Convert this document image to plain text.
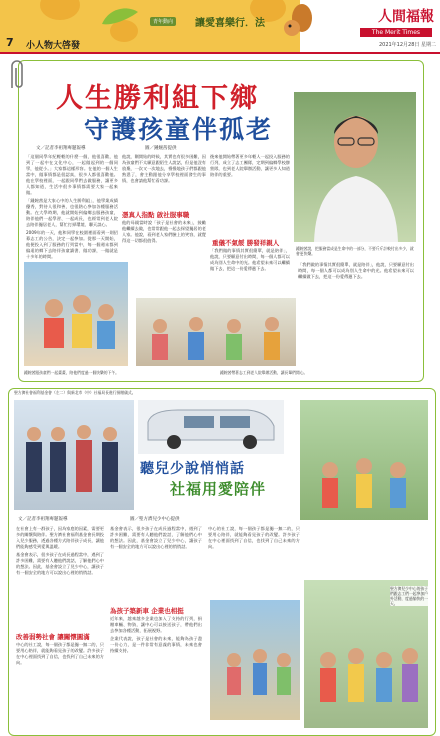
7 小人物大啓發
青年動向	讓愛喜樂行．法	人間福報
The Merit Times
2021年12月28日 星期二
人生勝利組下鄉
守護孩童伴孤老
鍾婉茜說，把服務當成是生命中的一部分，不要斤斤計較付出多少，就會更快樂。
文／記者李祖翔專題報導	圖／鍾婉茜提供

「這個同學年紀輕輕的什麼一個，他很喜歡，他到了一起中在文化中心，一起做起到的一個同學，他從小。」大家都這樣形容。在他的一個人生當中，做事情都是很認真，很多人都很喜歡他。他在學校裡面，一起跟同學們去做服務，讓更多人都知道，生活中很多事情都需要大家一起來做。

「鍾婉茜是大家心中的人生勝利組」，他學業成績優秀，對待人很和善，也很熱心參加各種服務活動。在大學時期，他就開始到偏鄉去服務孩童，陪伴他們一起學習、一起成長，也經常到老人院去陪伴獨居老人，幫忙打掃環境、聊天談心。

2009年的一天，他和同學在校園裡面看到一則招募志工的公告，決定一起參加。從那一天開始，他便投入到了服務的行列當中，每一個週末都到偏遠的鄉下去陪伴孩童讀書、做功課，一做就是十多年的時間。

他說，剛開始的時候，其實也有很多困難，因為孩童們不太願意跟陌生人說話，但是他沒有放棄，一次又一次地去，慢慢地孩子們都跟他熟悉了，會主動跟他分享學校裡面發生的事情，也會請他幫忙看功課。

憑真人指點 啟社服事職

他的母親當時說「孩子是社會的未來」，鼓勵他繼續去做，也常常跟他一起去探望獨居的老人家。他說，看到老人家們臉上的笑容，就覺得這一切都很值得。

後來他開始帶著更多年輕人一起投入服務的行列，成立了志工團隊，定期到偏鄉學校辦營隊，也到老人院舉辦活動，讓更多人知道陪伴的重要。

重儀不氣餒 勝發祥親人

「我們做的事情其實很簡單，就是陪伴」，他說，只要願意付出時間，每一個人都可以成為別人生命中的光。他希望未來可以繼續做下去，把這一份愛傳遞下去。

「我們做的事情其實很簡單，就是陪伴」，他說，只要願意付出時間，每一個人都可以成為別人生命中的光。他希望未來可以繼續做下去，把這一份愛傳遞下去。

鍾婉茜跟孩童們一起畫畫，陪他們度過一個快樂的下午。	鍾婉茜帶著志工到老人院舉辦活動，讓長輩們開心。
聖方濟社會福利基金會（左二）與新北市（中）社福局長進行捐贈儀式。
聽兒少說悄悄話
社福用愛陪伴
文／記者李祖翔專題報導	圖／聖方濟兒少中心提供

在社會上有一群孩子，因為家庭的因素，需要更多的關懷與陪伴。聖方濟社會福利基金會長期投入兒少服務，透過各種方式陪伴孩子成長，讓他們能夠感受到愛與溫暖。

基金會表示，很多孩子在成長過程當中，遇到了許多困難，需要有人聽他們說話，了解他們心中的想法。因此，基金會設立了兒少中心，讓孩子有一個安全的地方可以說出心裡的悄悄話。

改善弱勢社會 讓關懷圓滿

中心的社工說，每一個孩子都是獨一無二的，只要用心陪伴，就能夠看見孩子的改變。許多孩子在中心裡面找到了自信，也找到了自己未來的方向。

基金會表示，很多孩子在成長過程當中，遇到了許多困難，需要有人聽他們說話，了解他們心中的想法。因此，基金會設立了兒少中心，讓孩子有一個安全的地方可以說出心裡的悄悄話。

為孩子築新車 企業也相挺

近年來，越來越多企業也加入了支持的行列，捐贈車輛、物資，讓中心可以接送孩子，帶他們出去參加各種活動，拓展視野。

企業代表說，孩子是社會的未來，能夠為孩子盡一份心力，是一件非常有意義的事情，未來也會持續支持。

中心的社工說，每一個孩子都是獨一無二的，只要用心陪伴，就能夠看見孩子的改變。許多孩子在中心裡面找到了自信，也找到了自己未來的方向。

聖方濟兒少中心的孩子們跟志工們一起參加戶外活動，度過愉快的一天。
